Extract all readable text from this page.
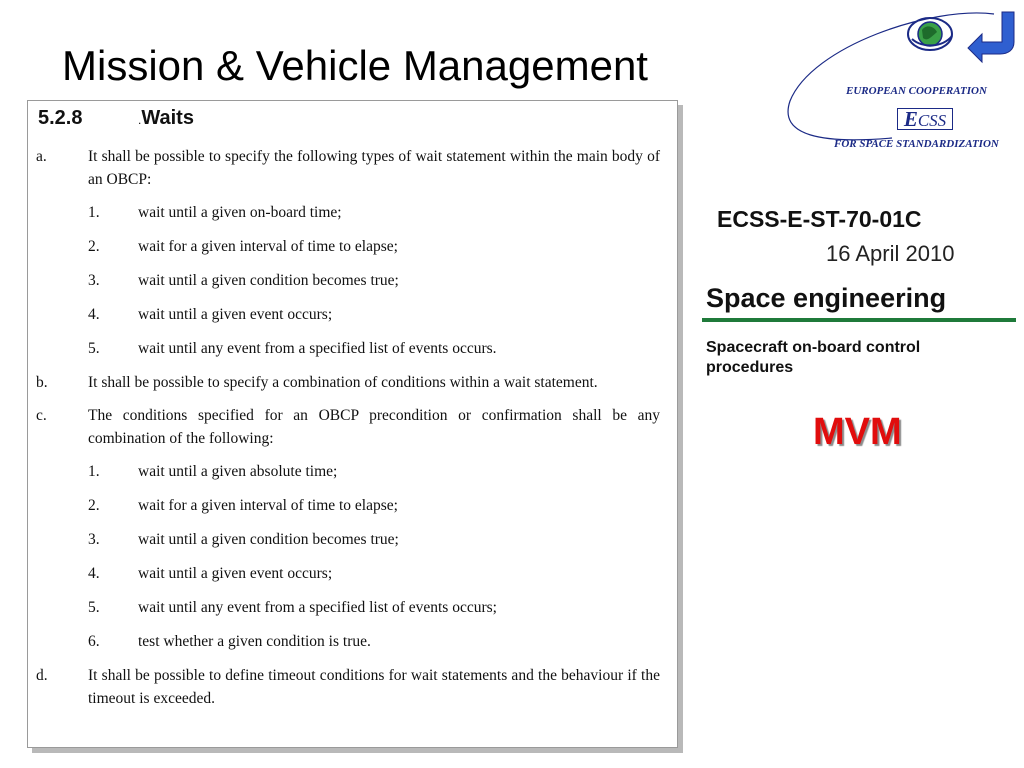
Mission & Vehicle Management
5.2.8	.Waits
a.	It shall be possible to specify the following types of wait statement within the main body of an OBCP:
1.	wait until a given on-board time;
2.	wait for a given interval of time to elapse;
3.	wait until a given condition becomes true;
4.	wait until a given event occurs;
5.	wait until any event from a specified list of events occurs.
b.	It shall be possible to specify a combination of conditions within a wait statement.
c.	The conditions specified for an OBCP precondition or confirmation shall be any combination of the following:
1.	wait until a given absolute time;
2.	wait for a given interval of time to elapse;
3.	wait until a given condition becomes true;
4.	wait until a given event occurs;
5.	wait until any event from a specified list of events occurs;
6.	test whether a given condition is true.
d.	It shall be possible to define timeout conditions for wait statements and the behaviour if the timeout is exceeded.
EUROPEAN COOPERATION
ECSS
FOR SPACE STANDARDIZATION
ECSS-E-ST-70-01C
16 April 2010
Space engineering
Spacecraft on-board control procedures
MVM
